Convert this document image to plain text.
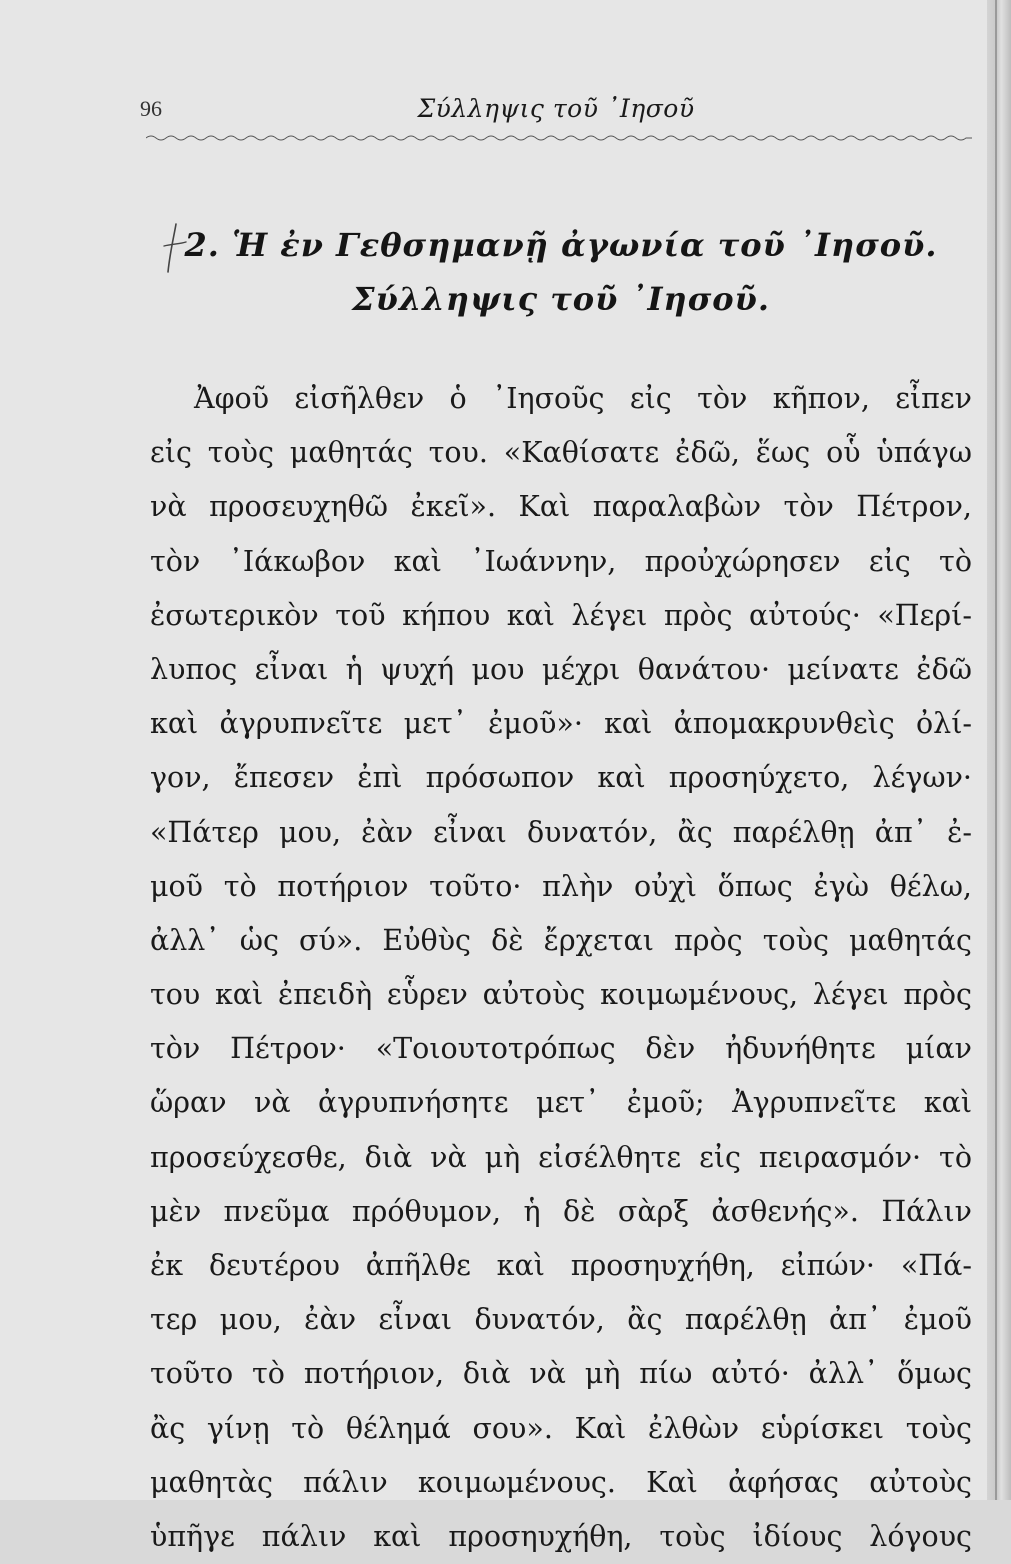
96	Σύλληψις τοῦ ᾿Ιησοῦ
2. Ἡ ἐν Γεθσημανῇ ἀγωνία τοῦ ᾿Ιησοῦ.
Σύλληψις τοῦ ᾿Ιησοῦ.
Ἀφοῦ εἰσῆλθεν ὁ ᾿Ιησοῦς εἰς τὸν κῆπον, εἶπεν
εἰς τοὺς μαθητάς του. «Καθίσατε ἐδῶ, ἕως οὗ ὑπάγω
νὰ προσευχηθῶ ἐκεῖ». Καὶ παραλαβὼν τὸν Πέτρον,
τὸν ᾿Ιάκωβον καὶ ᾿Ιωάννην, προὐχώρησεν εἰς τὸ
ἐσωτερικὸν τοῦ κήπου καὶ λέγει πρὸς αὐτούς· «Περί-
λυπος εἶναι ἡ ψυχή μου μέχρι θανάτου· μείνατε ἐδῶ
καὶ ἀγρυπνεῖτε μετ᾿ ἐμοῦ»· καὶ ἀπομακρυνθεὶς ὀλί-
γον, ἔπεσεν ἐπὶ πρόσωπον καὶ προσηύχετο, λέγων·
«Πάτερ μου, ἐὰν εἶναι δυνατόν, ἂς παρέλθῃ ἀπ᾿ ἐ-
μοῦ τὸ ποτήριον τοῦτο· πλὴν οὐχὶ ὅπως ἐγὼ θέλω,
ἀλλ᾿ ὡς σύ». Εὐθὺς δὲ ἔρχεται πρὸς τοὺς μαθητάς
του καὶ ἐπειδὴ εὗρεν αὐτοὺς κοιμωμένους, λέγει πρὸς
τὸν Πέτρον· «Τοιουτοτρόπως δὲν ἠδυνήθητε μίαν
ὥραν νὰ ἀγρυπνήσητε μετ᾿ ἐμοῦ; Ἀγρυπνεῖτε καὶ
προσεύχεσθε, διὰ νὰ μὴ εἰσέλθητε εἰς πειρασμόν· τὸ
μὲν πνεῦμα πρόθυμον, ἡ δὲ σὰρξ ἀσθενής». Πάλιν
ἐκ δευτέρου ἀπῆλθε καὶ προσηυχήθη, εἰπών· «Πά-
τερ μου, ἐὰν εἶναι δυνατόν, ἂς παρέλθῃ ἀπ᾿ ἐμοῦ
τοῦτο τὸ ποτήριον, διὰ νὰ μὴ πίω αὐτό· ἀλλ᾿ ὅμως
ἂς γίνῃ τὸ θέλημά σου». Καὶ ἐλθὼν εὑρίσκει τοὺς
μαθητὰς πάλιν κοιμωμένους. Καὶ ἀφήσας αὐτοὺς
ὑπῆγε πάλιν καὶ προσηυχήθη, τοὺς ἰδίους λόγους
